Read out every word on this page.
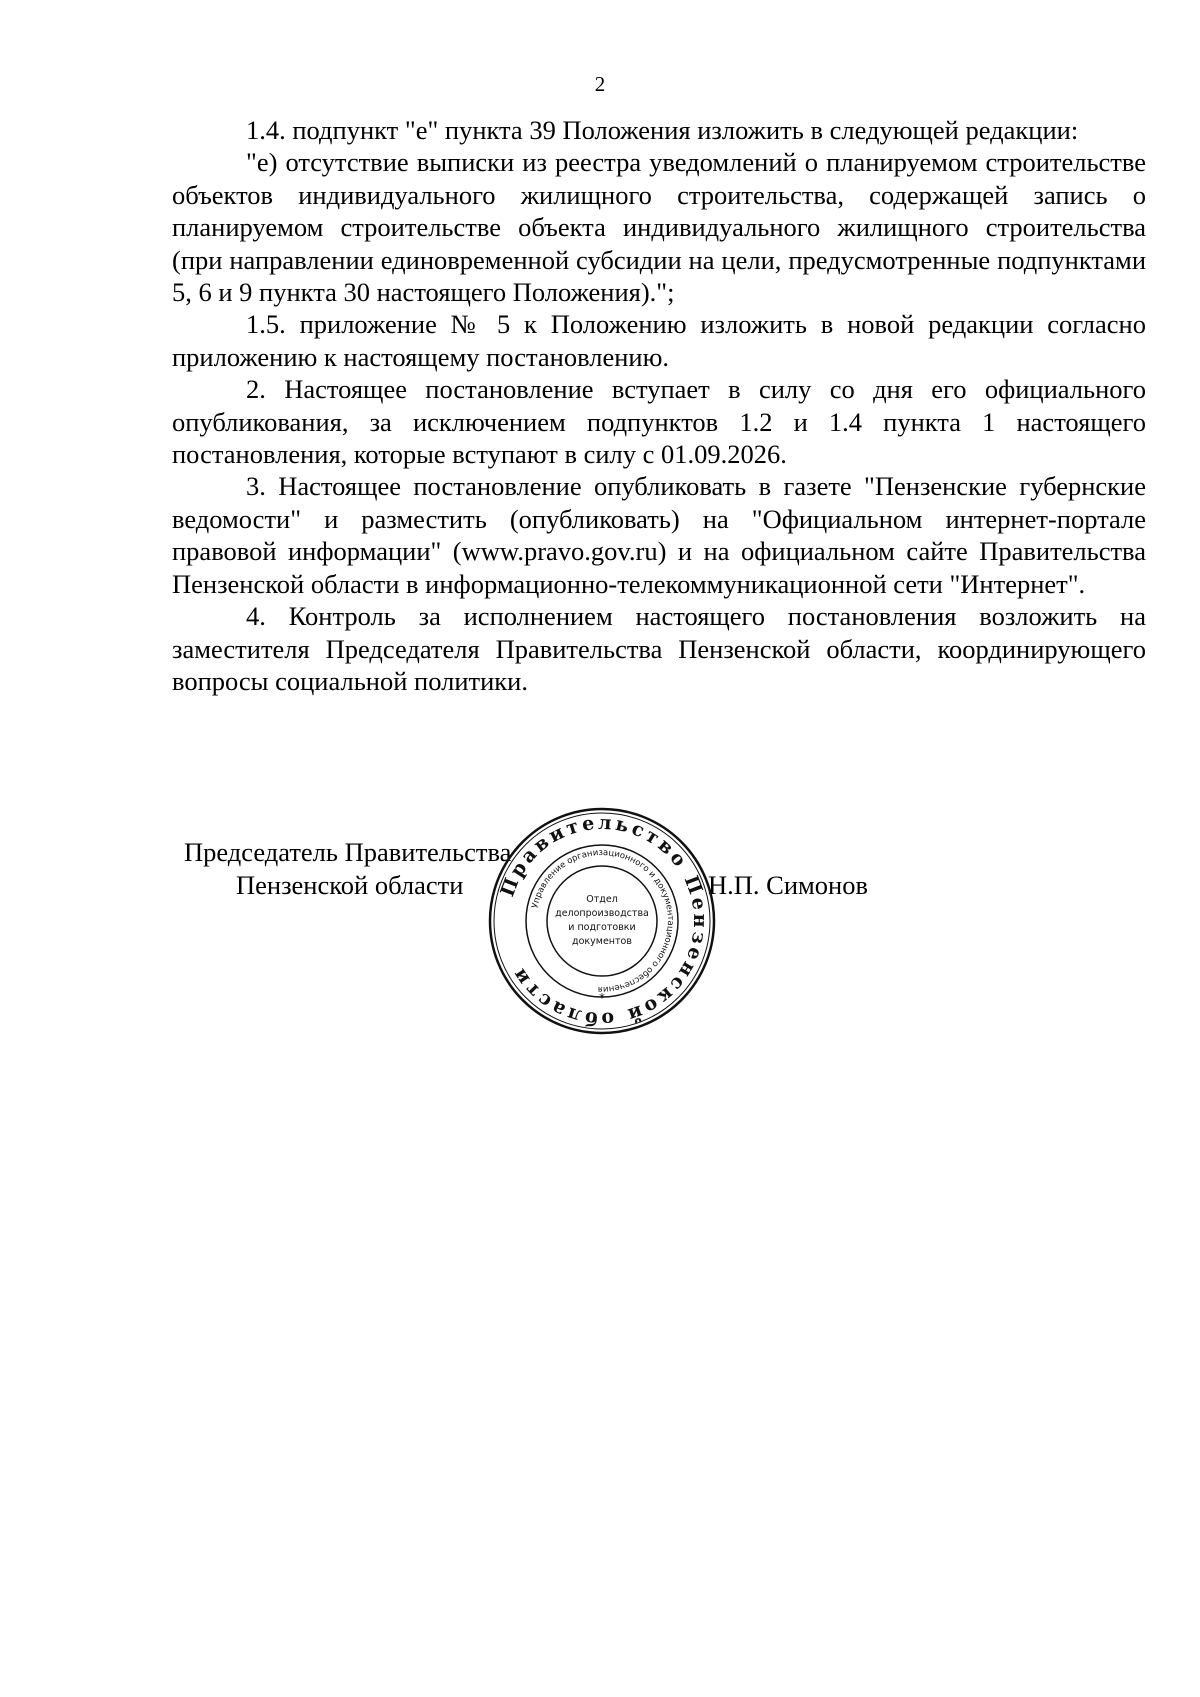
2

1.4. подпункт "е" пункта 39 Положения изложить в следующей редакции:

"е) отсутствие выписки из реестра уведомлений о планируемом строительстве объектов индивидуального жилищного строительства, содержащей запись о планируемом строительстве объекта индивидуального жилищного строительства (при направлении единовременной субсидии на цели, предусмотренные подпунктами 5, 6 и 9 пункта 30 настоящего Положения).";

1.5. приложение № 5 к Положению изложить в новой редакции согласно приложению к настоящему постановлению.

2. Настоящее постановление вступает в силу со дня его официального опубликования, за исключением подпунктов 1.2 и 1.4 пункта 1 настоящего постановления, которые вступают в силу с 01.09.2026.

3. Настоящее постановление опубликовать в газете "Пензенские губернские ведомости" и разместить (опубликовать) на "Официальном интернет-портале правовой информации" (www.pravo.gov.ru) и на официальном сайте Правительства Пензенской области в информационно-телекоммуникационной сети "Интернет".

4. Контроль за исполнением настоящего постановления возложить на заместителя Председателя Правительства Пензенской области, координирующего вопросы социальной политики.

Председатель Правительства
Пензенской области	Н.П. Симонов
Правительство Пензенской области
Управление организационного и документационного обеспечения
Отдел
делопроизводства
и подготовки
документов
*
